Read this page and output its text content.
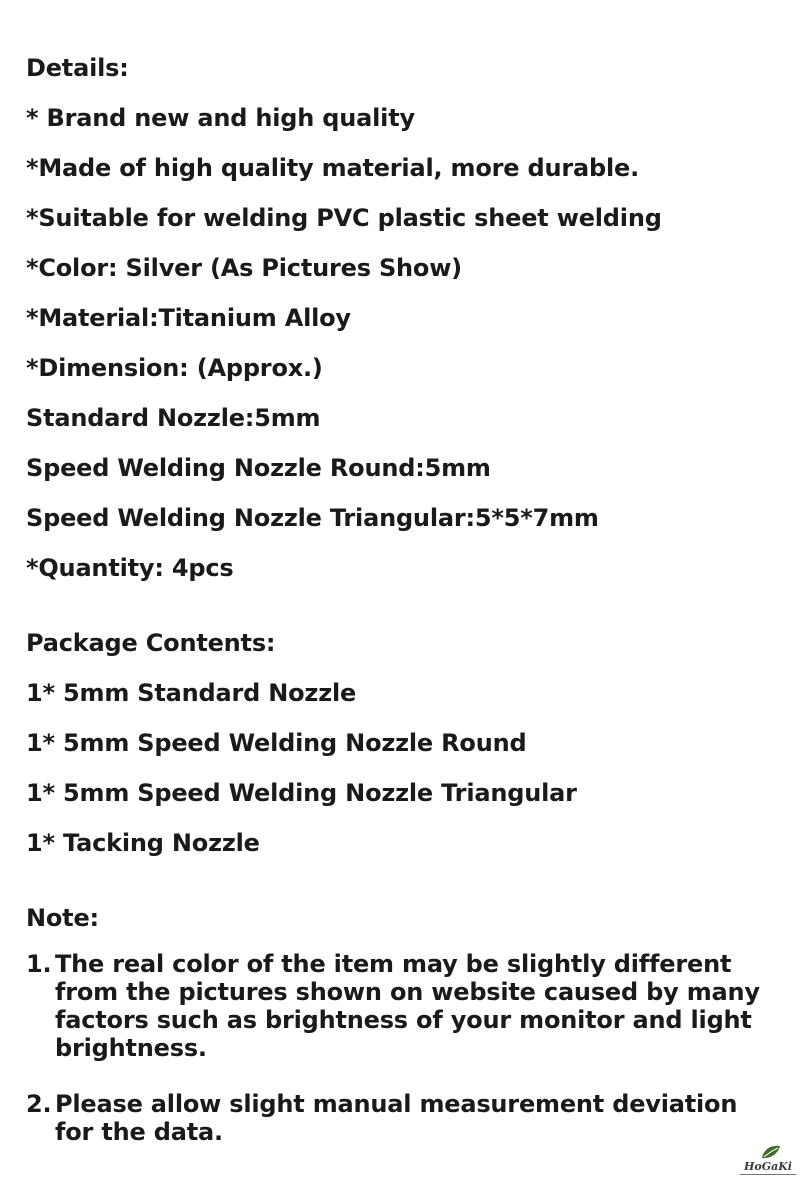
Details:
* Brand new and high quality
*Made of high quality material, more durable.
*Suitable for welding PVC plastic sheet welding
*Color: Silver (As Pictures Show)
*Material:Titanium Alloy
*Dimension: (Approx.)
Standard Nozzle:5mm
Speed Welding Nozzle Round:5mm
Speed Welding Nozzle Triangular:5*5*7mm
*Quantity: 4pcs
Package Contents:
1* 5mm Standard Nozzle
1* 5mm Speed Welding Nozzle Round
1* 5mm Speed Welding Nozzle Triangular
1* Tacking Nozzle
Note:
1. The real color of the item may be slightly different from the pictures shown on website caused by many factors such as brightness of your monitor and light brightness.
2. Please allow slight manual measurement deviation for the data.
HoGaKi
